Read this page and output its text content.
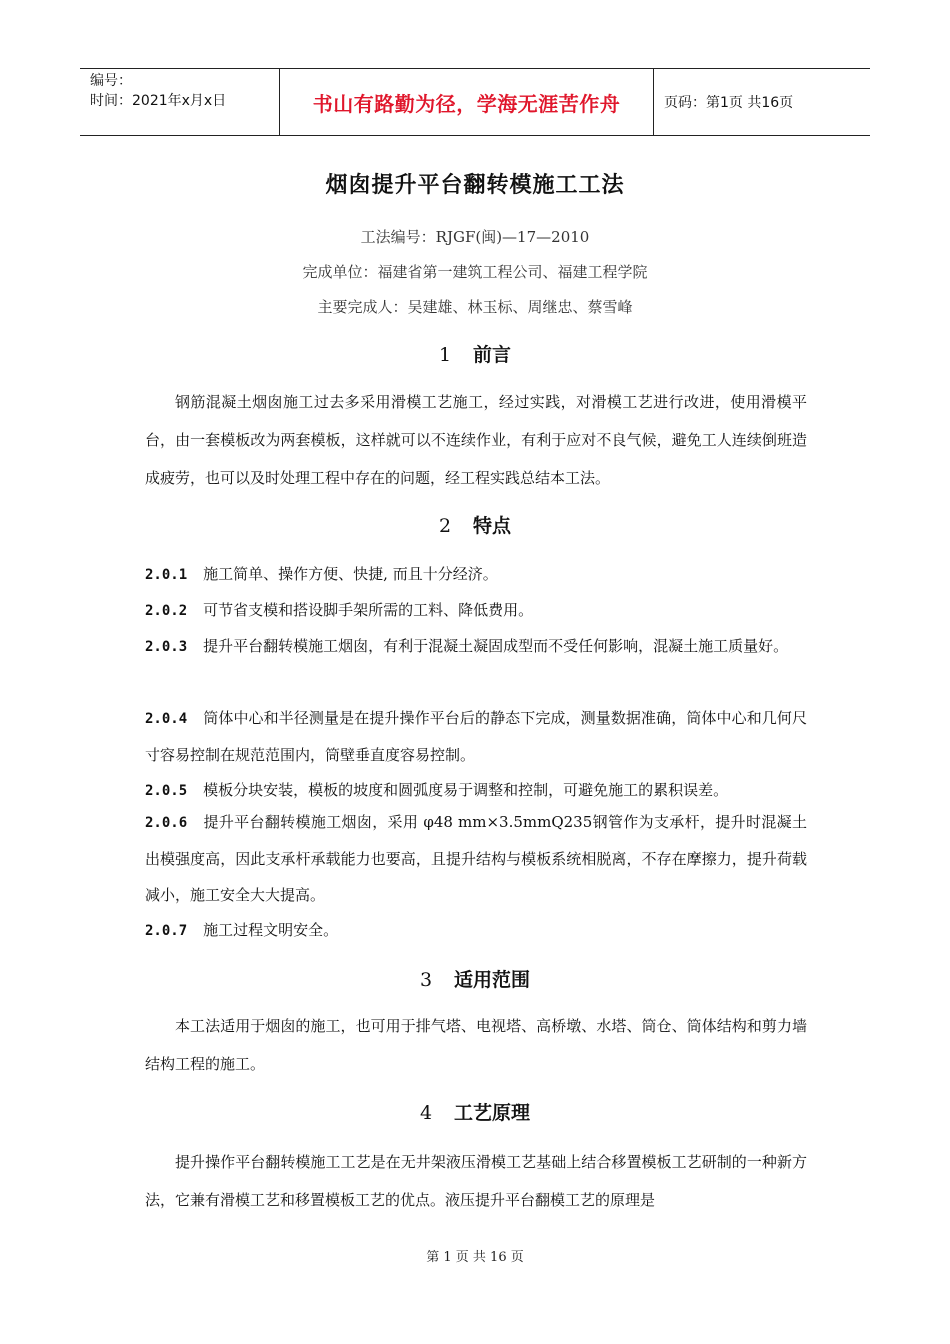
编号：
时间：2021年x月x日	书山有路勤为径，学海无涯苦作舟	页码：第1页 共16页
烟囱提升平台翻转模施工工法
工法编号：RJGF(闽)—17—2010
完成单位：福建省第一建筑工程公司、福建工程学院
主要完成人：吴建雄、林玉标、周继忠、蔡雪峰
1 前言

钢筋混凝土烟囱施工过去多采用滑模工艺施工，经过实践，对滑模工艺进行改进，使用滑模平台，由一套模板改为两套模板，这样就可以不连续作业，有利于应对不良气候，避免工人连续倒班造成疲劳，也可以及时处理工程中存在的问题，经工程实践总结本工法。

2 特点

2.0.1 施工简单、操作方便、快捷, 而且十分经济。

2.0.2 可节省支模和搭设脚手架所需的工料、降低费用。

2.0.3 提升平台翻转模施工烟囱，有利于混凝土凝固成型而不受任何影响，混凝土施工质量好。

2.0.4 筒体中心和半径测量是在提升操作平台后的静态下完成，测量数据准确，筒体中心和几何尺寸容易控制在规范范围内，筒壁垂直度容易控制。

2.0.5 模板分块安装，模板的坡度和圆弧度易于调整和控制，可避免施工的累积误差。

2.0.6 提升平台翻转模施工烟囱，采用 φ48 mm×3.5mmQ235钢管作为支承杆，提升时混凝土出模强度高，因此支承杆承载能力也要高，且提升结构与模板系统相脱离，不存在摩擦力，提升荷载减小，施工安全大大提高。

2.0.7 施工过程文明安全。

3 适用范围

本工法适用于烟囱的施工，也可用于排气塔、电视塔、高桥墩、水塔、筒仓、筒体结构和剪力墙结构工程的施工。

4 工艺原理

提升操作平台翻转模施工工艺是在无井架液压滑模工艺基础上结合移置模板工艺研制的一种新方法，它兼有滑模工艺和移置模板工艺的优点。液压提升平台翻模工艺的原理是

第 1 页 共 16 页
